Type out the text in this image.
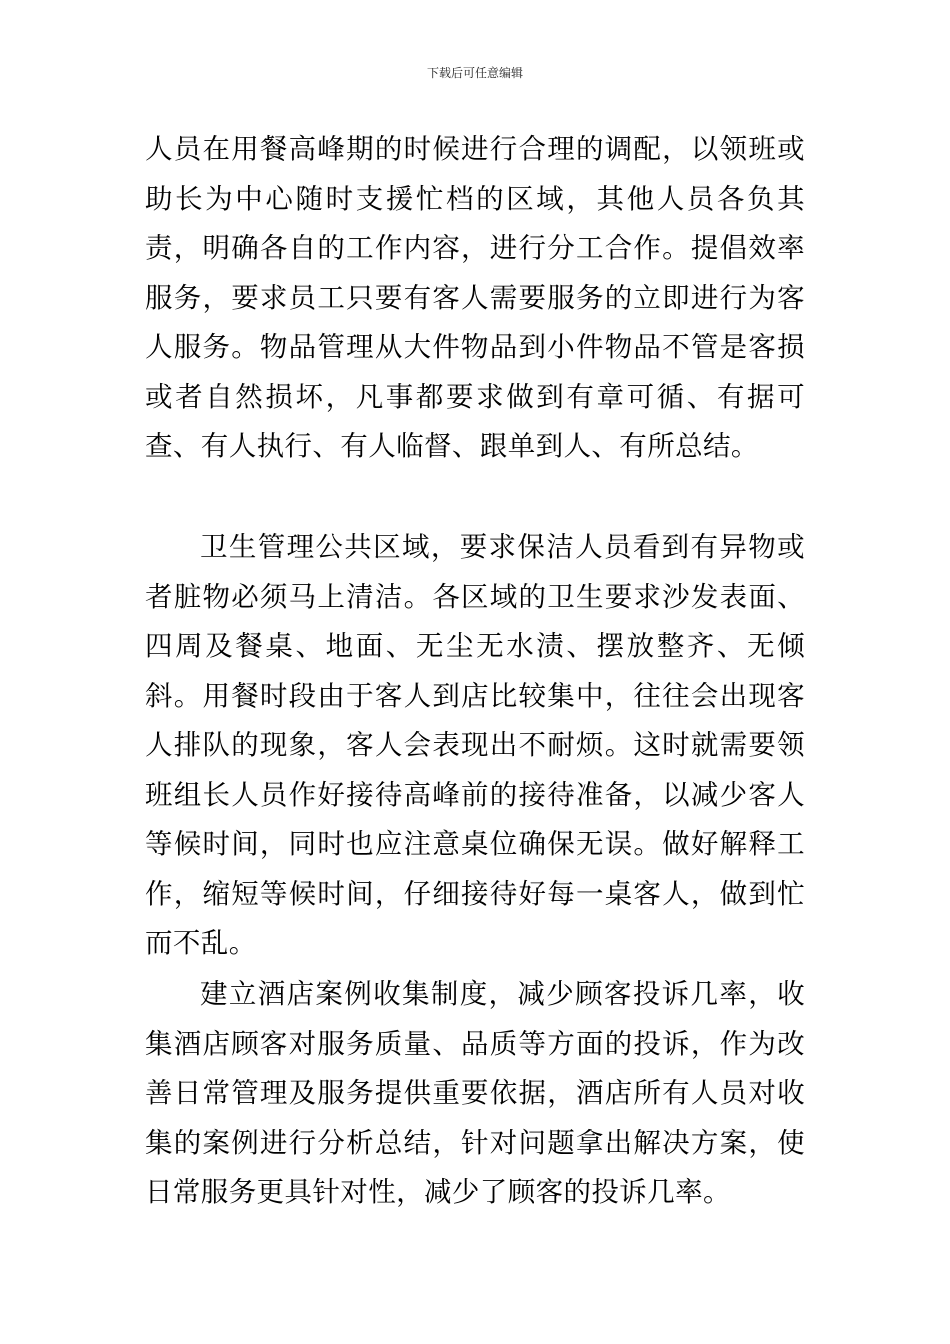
下载后可任意编辑

人员在用餐高峰期的时候进行合理的调配，以领班或助长为中心随时支援忙档的区域，其他人员各负其责，明确各自的工作内容，进行分工合作。提倡效率服务，要求员工只要有客人需要服务的立即进行为客人服务。物品管理从大件物品到小件物品不管是客损或者自然损坏，凡事都要求做到有章可循、有据可查、有人执行、有人临督、跟单到人、有所总结。

卫生管理公共区域，要求保洁人员看到有异物或者脏物必须马上清洁。各区域的卫生要求沙发表面、四周及餐桌、地面、无尘无水渍、摆放整齐、无倾斜。用餐时段由于客人到店比较集中，往往会出现客人排队的现象，客人会表现出不耐烦。这时就需要领班组长人员作好接待高峰前的接待准备，以减少客人等候时间，同时也应注意桌位确保无误。做好解释工作，缩短等候时间，仔细接待好每一桌客人，做到忙而不乱。

建立酒店案例收集制度，减少顾客投诉几率，收集酒店顾客对服务质量、品质等方面的投诉，作为改善日常管理及服务提供重要依据，酒店所有人员对收集的案例进行分析总结，针对问题拿出解决方案，使日常服务更具针对性，减少了顾客的投诉几率。
